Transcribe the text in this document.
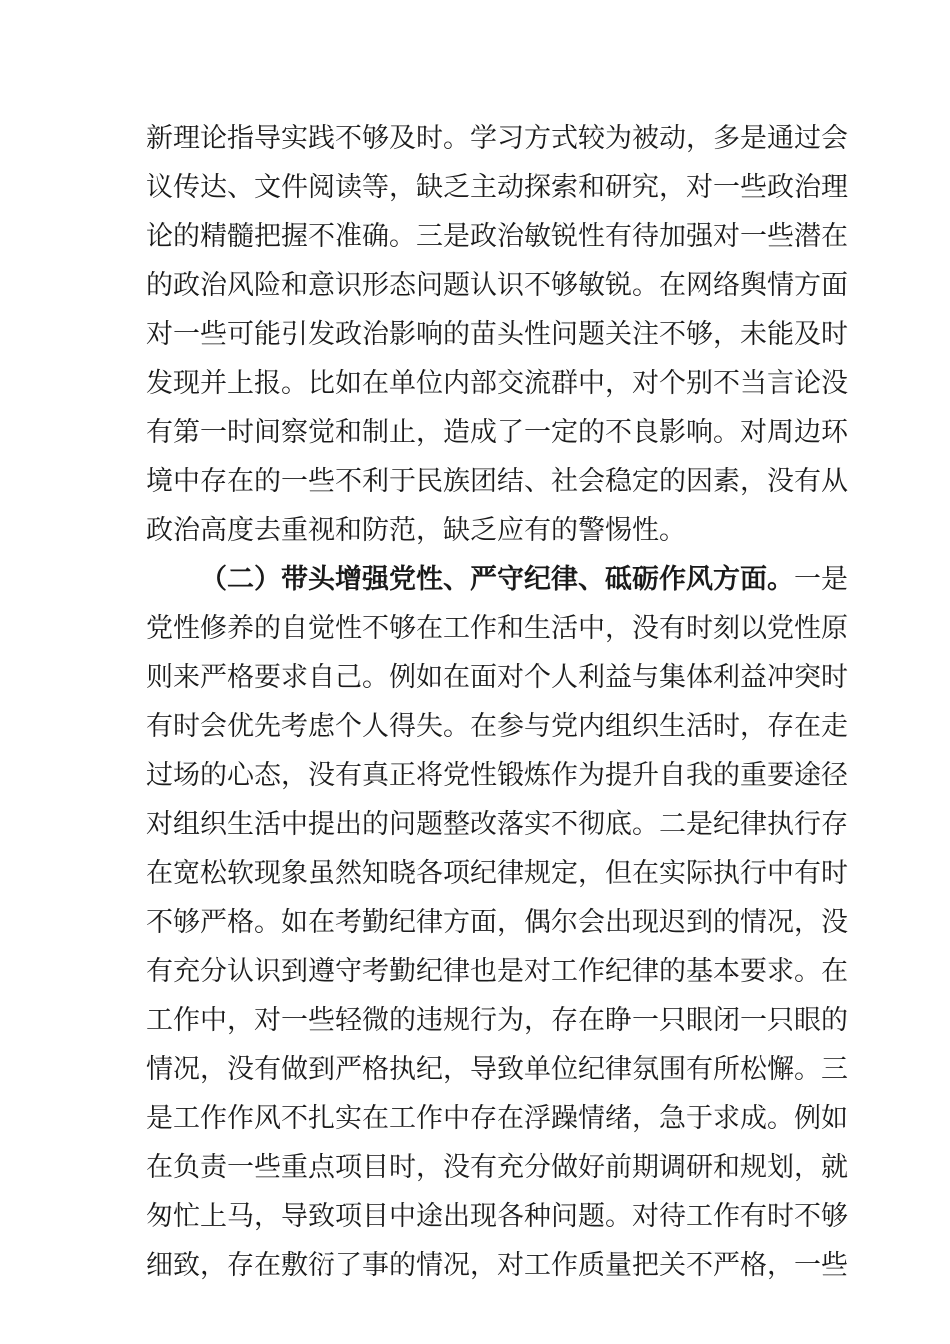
新理论指导实践不够及时。学习方式较为被动，多是通过会
议传达、文件阅读等，缺乏主动探索和研究，对一些政治理
论的精髓把握不准确。三是政治敏锐性有待加强对一些潜在
的政治风险和意识形态问题认识不够敏锐。在网络舆情方面
对一些可能引发政治影响的苗头性问题关注不够，未能及时
发现并上报。比如在单位内部交流群中，对个别不当言论没
有第一时间察觉和制止，造成了一定的不良影响。对周边环
境中存在的一些不利于民族团结、社会稳定的因素，没有从
政治高度去重视和防范，缺乏应有的警惕性。
（二）带头增强党性、严守纪律、砥砺作风方面。一是
党性修养的自觉性不够在工作和生活中，没有时刻以党性原
则来严格要求自己。例如在面对个人利益与集体利益冲突时
有时会优先考虑个人得失。在参与党内组织生活时，存在走
过场的心态，没有真正将党性锻炼作为提升自我的重要途径
对组织生活中提出的问题整改落实不彻底。二是纪律执行存
在宽松软现象虽然知晓各项纪律规定，但在实际执行中有时
不够严格。如在考勤纪律方面，偶尔会出现迟到的情况，没
有充分认识到遵守考勤纪律也是对工作纪律的基本要求。在
工作中，对一些轻微的违规行为，存在睁一只眼闭一只眼的
情况，没有做到严格执纪，导致单位纪律氛围有所松懈。三
是工作作风不扎实在工作中存在浮躁情绪，急于求成。例如
在负责一些重点项目时，没有充分做好前期调研和规划，就
匆忙上马，导致项目中途出现各种问题。对待工作有时不够
细致，存在敷衍了事的情况，对工作质量把关不严格，一些
